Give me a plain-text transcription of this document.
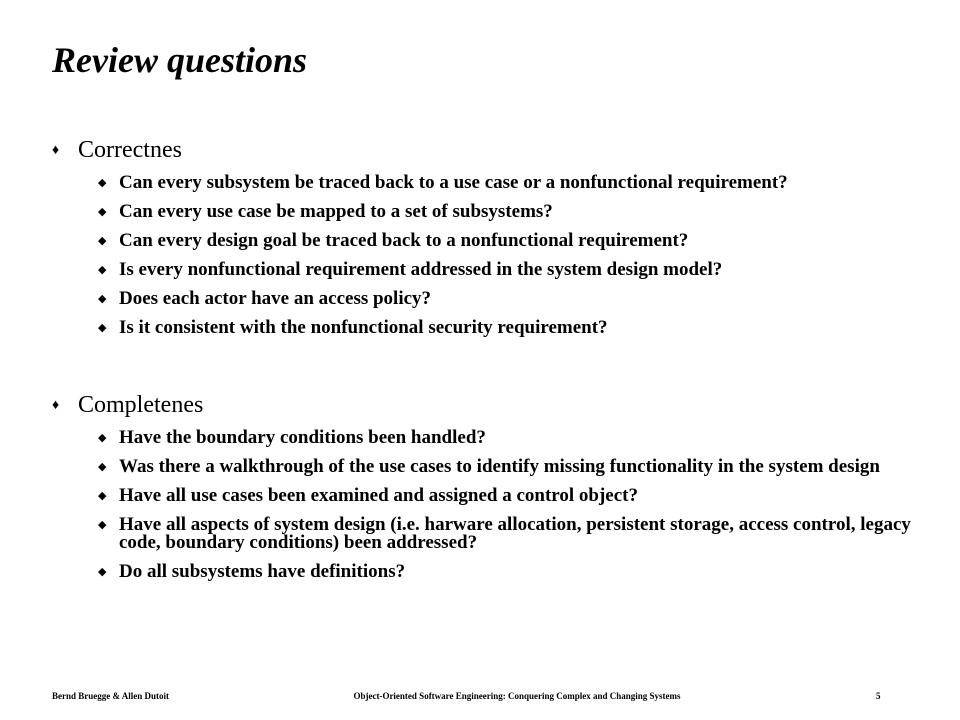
Review questions
♦ Correctnes
◆ Can every subsystem be traced back to a use case or a nonfunctional requirement?
◆ Can every use case be mapped to a set of subsystems?
◆ Can every design goal be traced back to a nonfunctional requirement?
◆ Is every nonfunctional requirement addressed in the system design model?
◆ Does each actor have an access policy?
◆ Is it consistent with the nonfunctional security requirement?
♦ Completenes
◆ Have the boundary conditions been handled?
◆ Was there a walkthrough of the use cases to identify missing functionality in the system design
◆ Have all use cases been examined and assigned a control object?
◆ Have all aspects of system design (i.e. harware allocation, persistent storage, access control, legacy code, boundary conditions) been addressed?
◆ Do all subsystems have definitions?
Bernd Bruegge & Allen Dutoit	Object-Oriented Software Engineering: Conquering Complex and Changing Systems	5
